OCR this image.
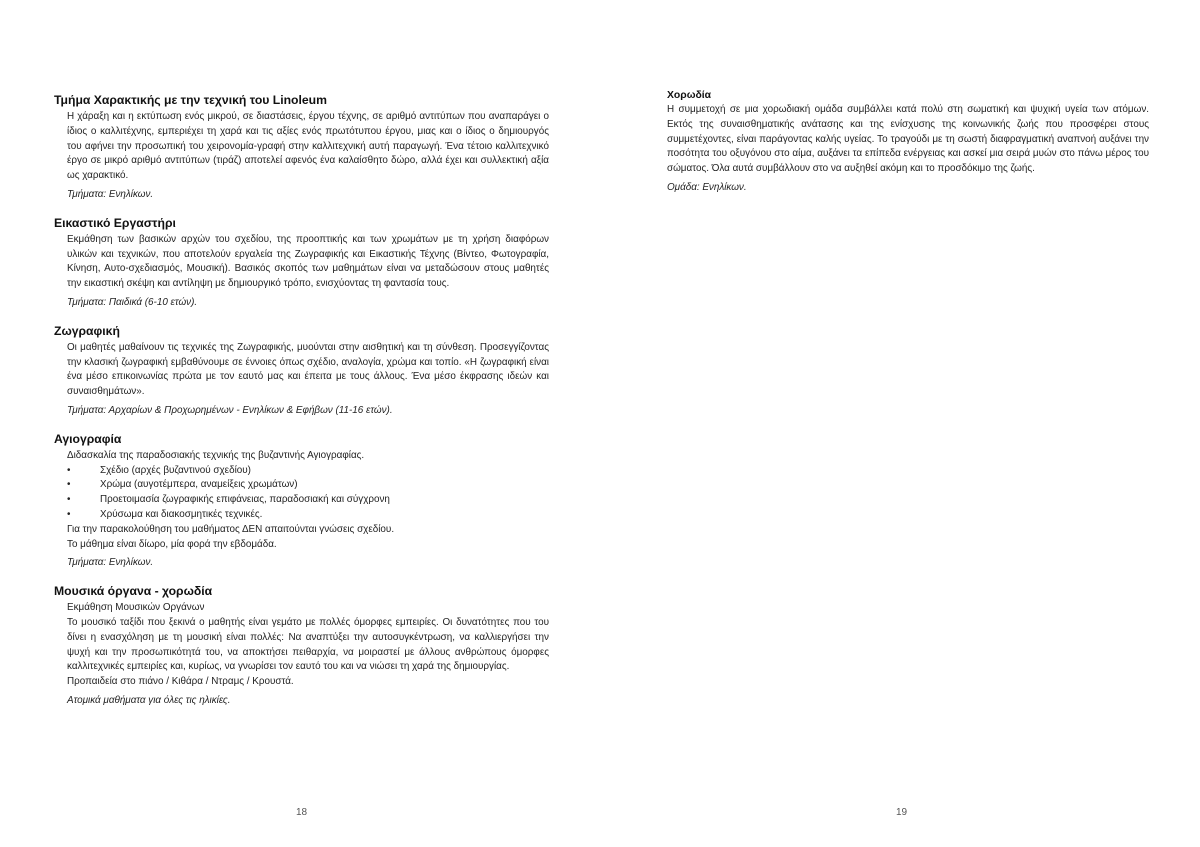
Τμήμα Χαρακτικής με την τεχνική του Linoleum

Η χάραξη και η εκτύπωση ενός μικρού, σε διαστάσεις, έργου τέχνης, σε αριθμό αντιτύπων που αναπαράγει ο ίδιος ο καλλιτέχνης, εμπεριέχει τη χαρά και τις αξίες ενός πρωτότυπου έργου, μιας και ο ίδιος ο δημιουργός του αφήνει την προσωπική του χειρονομία-γραφή στην καλλιτεχνική αυτή παραγωγή. Ένα τέτοιο καλλιτεχνικό έργο σε μικρό αριθμό αντιτύπων (τιράζ) αποτελεί αφενός ένα καλαίσθητο δώρο, αλλά έχει και συλλεκτική αξία ως χαρακτικό.

Τμήματα: Ενηλίκων.

Εικαστικό Εργαστήρι

Εκμάθηση των βασικών αρχών του σχεδίου, της προοπτικής και των χρωμάτων με τη χρήση διαφόρων υλικών και τεχνικών, που αποτελούν εργαλεία της Ζωγραφικής και Εικαστικής Τέχνης (Βίντεο, Φωτογραφία, Κίνηση, Αυτο-σχεδιασμός, Μουσική). Βασικός σκοπός των μαθημάτων είναι να μεταδώσουν στους μαθητές την εικαστική σκέψη και αντίληψη με δημιουργικό τρόπο, ενισχύοντας τη φαντασία τους.

Τμήματα: Παιδικά (6-10 ετών).

Ζωγραφική

Οι μαθητές μαθαίνουν τις τεχνικές της Ζωγραφικής, μυούνται στην αισθητική και τη σύνθεση. Προσεγγίζοντας την κλασική ζωγραφική εμβαθύνουμε σε έννοιες όπως σχέδιο, αναλογία, χρώμα και τοπίο. «Η ζωγραφική είναι ένα μέσο επικοινωνίας πρώτα με τον εαυτό μας και έπειτα με τους άλλους. Ένα μέσο έκφρασης ιδεών και συναισθημάτων».

Τμήματα: Αρχαρίων & Προχωρημένων - Ενηλίκων & Εφήβων (11-16 ετών).

Αγιογραφία

Διδασκαλία της παραδοσιακής τεχνικής της βυζαντινής Αγιογραφίας.

•	Σχέδιο (αρχές βυζαντινού σχεδίου)
•	Χρώμα (αυγοτέμπερα, αναμείξεις χρωμάτων)
•	Προετοιμασία ζωγραφικής επιφάνειας, παραδοσιακή και σύγχρονη
•	Χρύσωμα και διακοσμητικές τεχνικές.

Για την παρακολούθηση του μαθήματος ΔΕΝ απαιτούνται γνώσεις σχεδίου.

Το μάθημα είναι δίωρο, μία φορά την εβδομάδα.

Τμήματα: Ενηλίκων.

Μουσικά όργανα - χορωδία

Εκμάθηση Μουσικών Οργάνων

Το μουσικό ταξίδι που ξεκινά ο μαθητής είναι γεμάτο με πολλές όμορφες εμπειρίες. Οι δυνατότητες που του δίνει η ενασχόληση με τη μουσική είναι πολλές: Να αναπτύξει την αυτοσυγκέντρωση, να καλλιεργήσει την ψυχή και την προσωπικότητά του, να αποκτήσει πειθαρχία, να μοιραστεί με άλλους ανθρώπους όμορφες καλλιτεχνικές εμπειρίες και, κυρίως, να γνωρίσει τον εαυτό του και να νιώσει τη χαρά της δημιουργίας.

Προπαιδεία στο πιάνο / Κιθάρα / Ντραμς / Κρουστά.

Ατομικά μαθήματα για όλες τις ηλικίες.

18
Χορωδία

Η συμμετοχή σε μια χορωδιακή ομάδα συμβάλλει κατά πολύ στη σωματική και ψυχική υγεία των ατόμων. Εκτός της συναισθηματικής ανάτασης και της ενίσχυσης της κοινωνικής ζωής που προσφέρει στους συμμετέχοντες, είναι παράγοντας καλής υγείας. Το τραγούδι με τη σωστή διαφραγματική αναπνοή αυξάνει την ποσότητα του οξυγόνου στο αίμα, αυξάνει τα επίπεδα ενέργειας και ασκεί μια σειρά μυών στο πάνω μέρος του σώματος. Όλα αυτά συμβάλλουν στο να αυξηθεί ακόμη και το προσδόκιμο της ζωής.

Ομάδα: Ενηλίκων.

19
